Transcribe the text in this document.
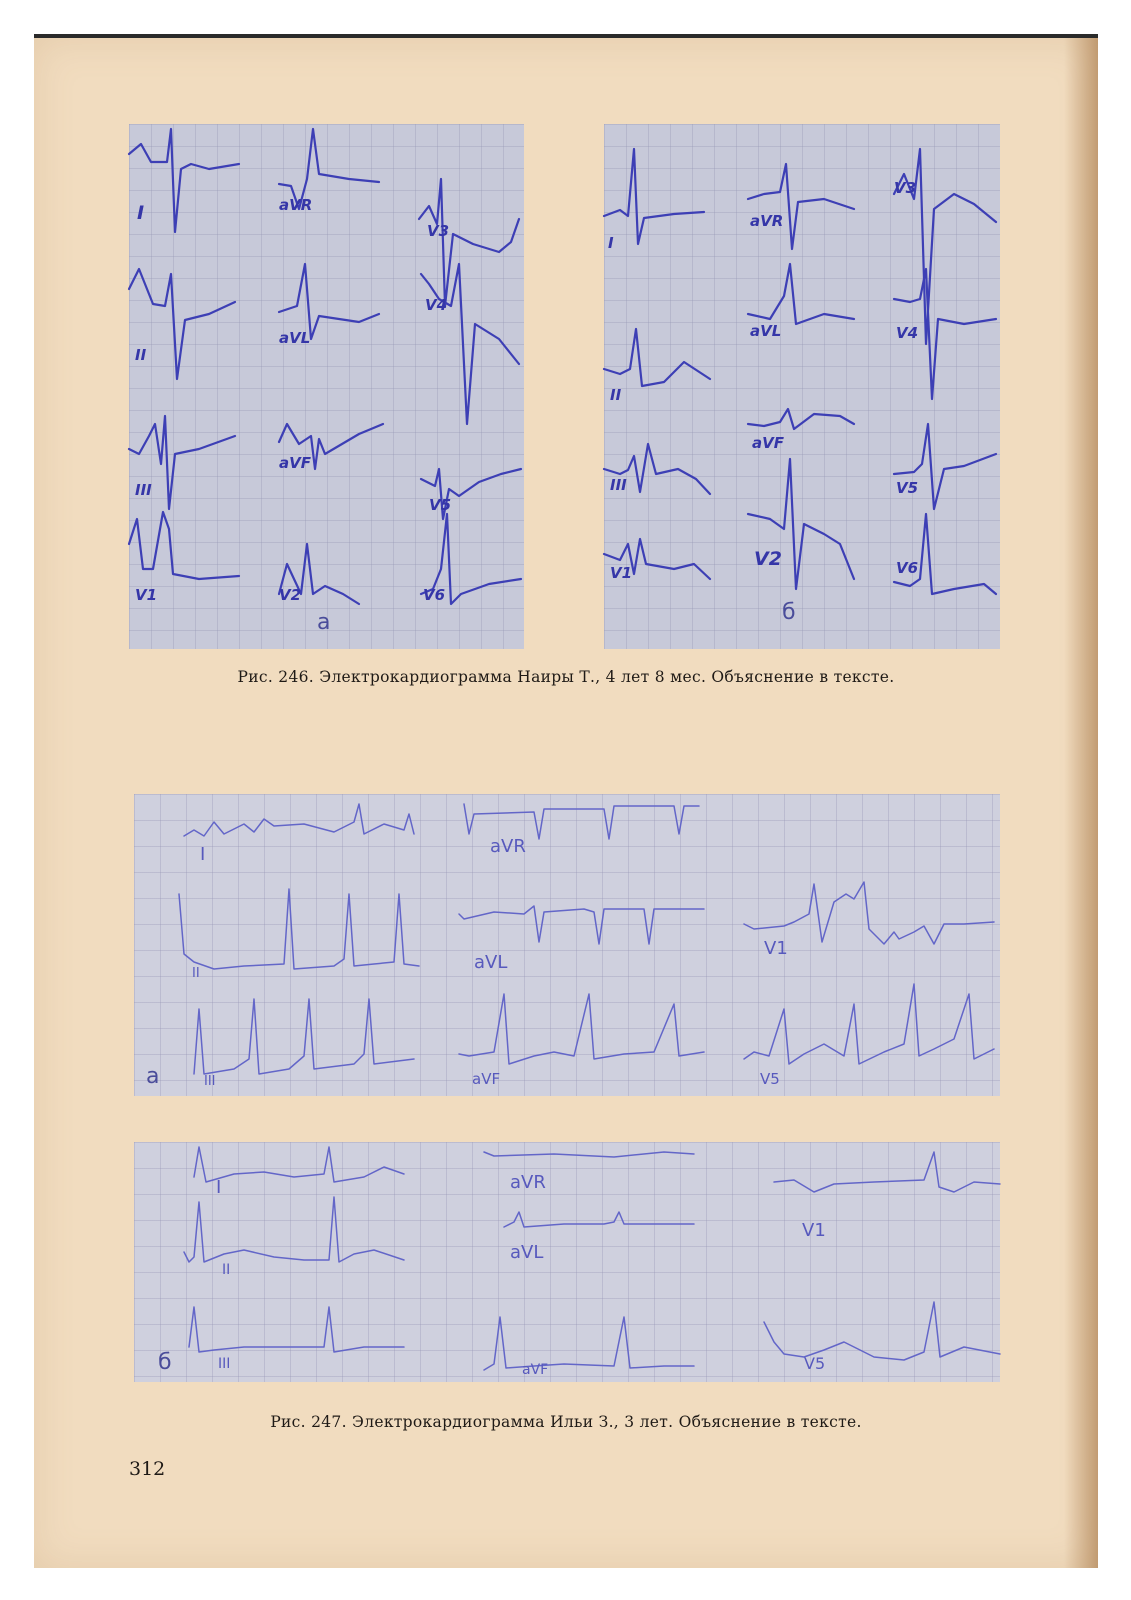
I	aVR
V3
II
aVL
V4
III
aVF
V5
V1	V2	V6
а
I
aVR
V3
aVL	V4
II
aVF
III	V5
V1
V2	V6
б
Рис. 246. Электрокардиограмма Наиры Т., 4 лет 8 мес. Объяснение в тексте.
I	aVR
II
aVL
V1
III	aVF	V5
а
I	aVR
II
aVL
V1
III	aVF	V5
б
Рис. 247. Электрокардиограмма Ильи З., 3 лет. Объяснение в тексте.
312
